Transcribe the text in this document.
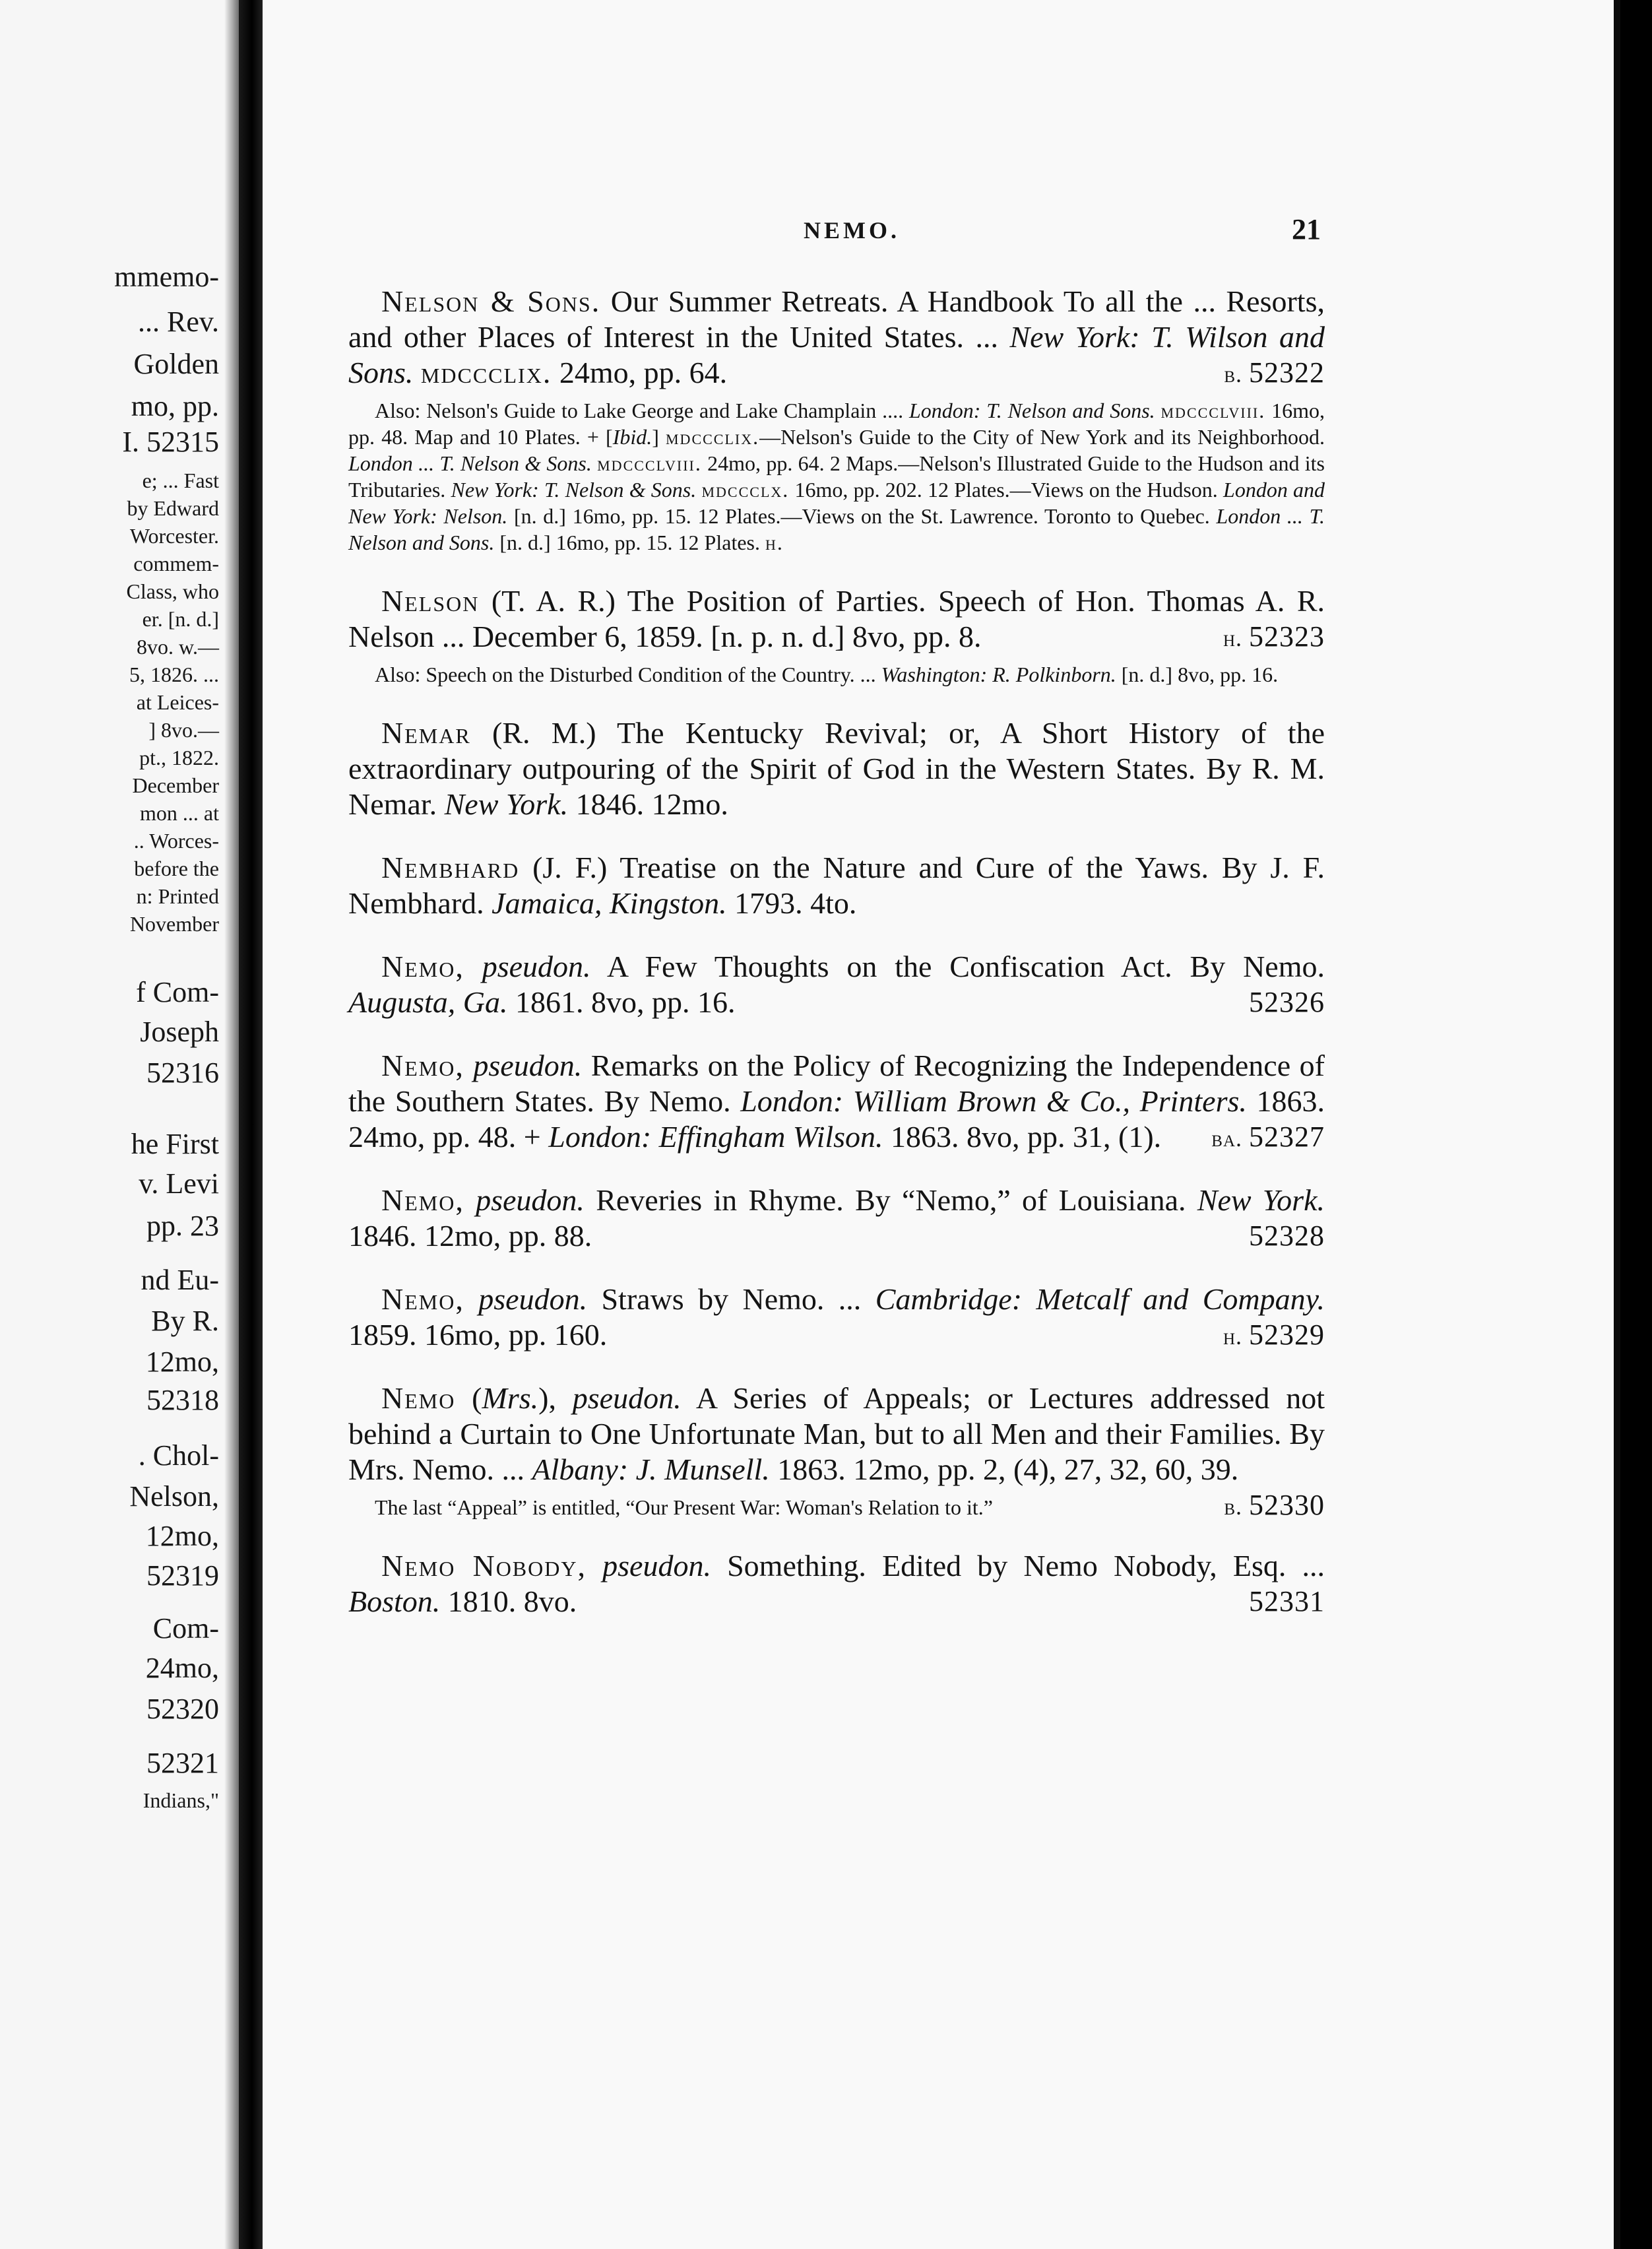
mmemo-
... Rev.
Golden
mo, pp.
I. 52315
e; ... Fast
by Edward
Worcester.
commem-
Class, who
er. [n. d.]
8vo. w.—
5, 1826. ...
at Leices-
] 8vo.—
pt., 1822.
December
mon ... at
.. Worces-
before the
n: Printed
November
f Com-
Joseph
52316
he First
v. Levi
pp. 23
nd Eu-
By R.
12mo,
52318
. Chol-
Nelson,
12mo,
52319
Com-
24mo,
52320
52321
Indians,"
NEMO.	21

Nelson & Sons. Our Summer Retreats. A Handbook To all the ... Resorts, and other Places of Interest in the United States. ... New York: T. Wilson and Sons. mdccclix. 24mo, pp. 64.	b. 52322

Also: Nelson's Guide to Lake George and Lake Champlain .... London: T. Nelson and Sons. mdccclviii. 16mo, pp. 48. Map and 10 Plates. + [Ibid.] mdccclix.—Nelson's Guide to the City of New York and its Neighborhood. London ... T. Nelson & Sons. mdccclviii. 24mo, pp. 64. 2 Maps.—Nelson's Illustrated Guide to the Hudson and its Tributaries. New York: T. Nelson & Sons. mdccclx. 16mo, pp. 202. 12 Plates.—Views on the Hudson. London and New York: Nelson. [n. d.] 16mo, pp. 15. 12 Plates.—Views on the St. Lawrence. Toronto to Quebec. London ... T. Nelson and Sons. [n. d.] 16mo, pp. 15. 12 Plates. h.

Nelson (T. A. R.) The Position of Parties. Speech of Hon. Thomas A. R. Nelson ... December 6, 1859. [n. p. n. d.] 8vo, pp. 8.	h. 52323

Also: Speech on the Disturbed Condition of the Country. ... Washington: R. Polkinborn. [n. d.] 8vo, pp. 16.

Nemar (R. M.) The Kentucky Revival; or, A Short History of the extraordinary outpouring of the Spirit of God in the Western States. By R. M. Nemar. New York. 1846. 12mo.

Nembhard (J. F.) Treatise on the Nature and Cure of the Yaws. By J. F. Nembhard. Jamaica, Kingston. 1793. 4to.

Nemo, pseudon. A Few Thoughts on the Confiscation Act. By Nemo. Augusta, Ga. 1861. 8vo, pp. 16.	52326

Nemo, pseudon. Remarks on the Policy of Recognizing the Independence of the Southern States. By Nemo. London: William Brown & Co., Printers. 1863. 24mo, pp. 48. + London: Effingham Wilson. 1863. 8vo, pp. 31, (1).	ba. 52327

Nemo, pseudon. Reveries in Rhyme. By “Nemo,” of Louisiana. New York. 1846. 12mo, pp. 88.	52328

Nemo, pseudon. Straws by Nemo. ... Cambridge: Metcalf and Company. 1859. 16mo, pp. 160.	h. 52329

Nemo (Mrs.), pseudon. A Series of Appeals; or Lectures addressed not behind a Curtain to One Unfortunate Man, but to all Men and their Families. By Mrs. Nemo. ... Albany: J. Munsell. 1863. 12mo, pp. 2, (4), 27, 32, 60, 39.
b. 52330

The last “Appeal” is entitled, “Our Present War: Woman's Relation to it.”

Nemo Nobody, pseudon. Something. Edited by Nemo Nobody, Esq. ... Boston. 1810. 8vo.	52331
